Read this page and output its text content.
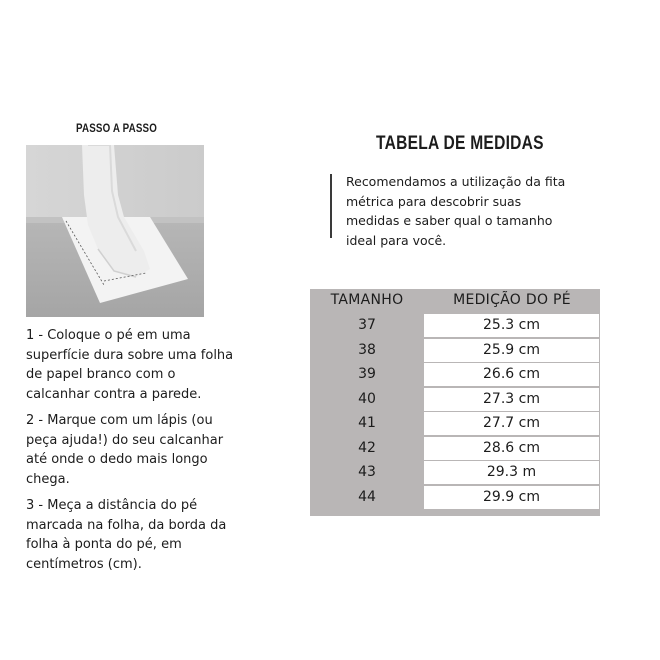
PASSO A PASSO

1 - Coloque o pé em uma superfície dura sobre uma folha de papel branco com o calcanhar contra a parede.

2 - Marque com um lápis (ou peça ajuda!) do seu calcanhar até onde o dedo mais longo chega.

3 - Meça a distância do pé marcada na folha, da borda da folha à ponta do pé, em centímetros (cm).

TABELA DE MEDIDAS
Recomendamos a utilização da fita métrica para descobrir suas medidas e saber qual o tamanho ideal para você.
TAMANHO	MEDIÇÃO DO PÉ
37	25.3 cm
38	25.9 cm
39	26.6 cm
40	27.3 cm
41	27.7 cm
42	28.6 cm
43	29.3 m
44	29.9 cm
